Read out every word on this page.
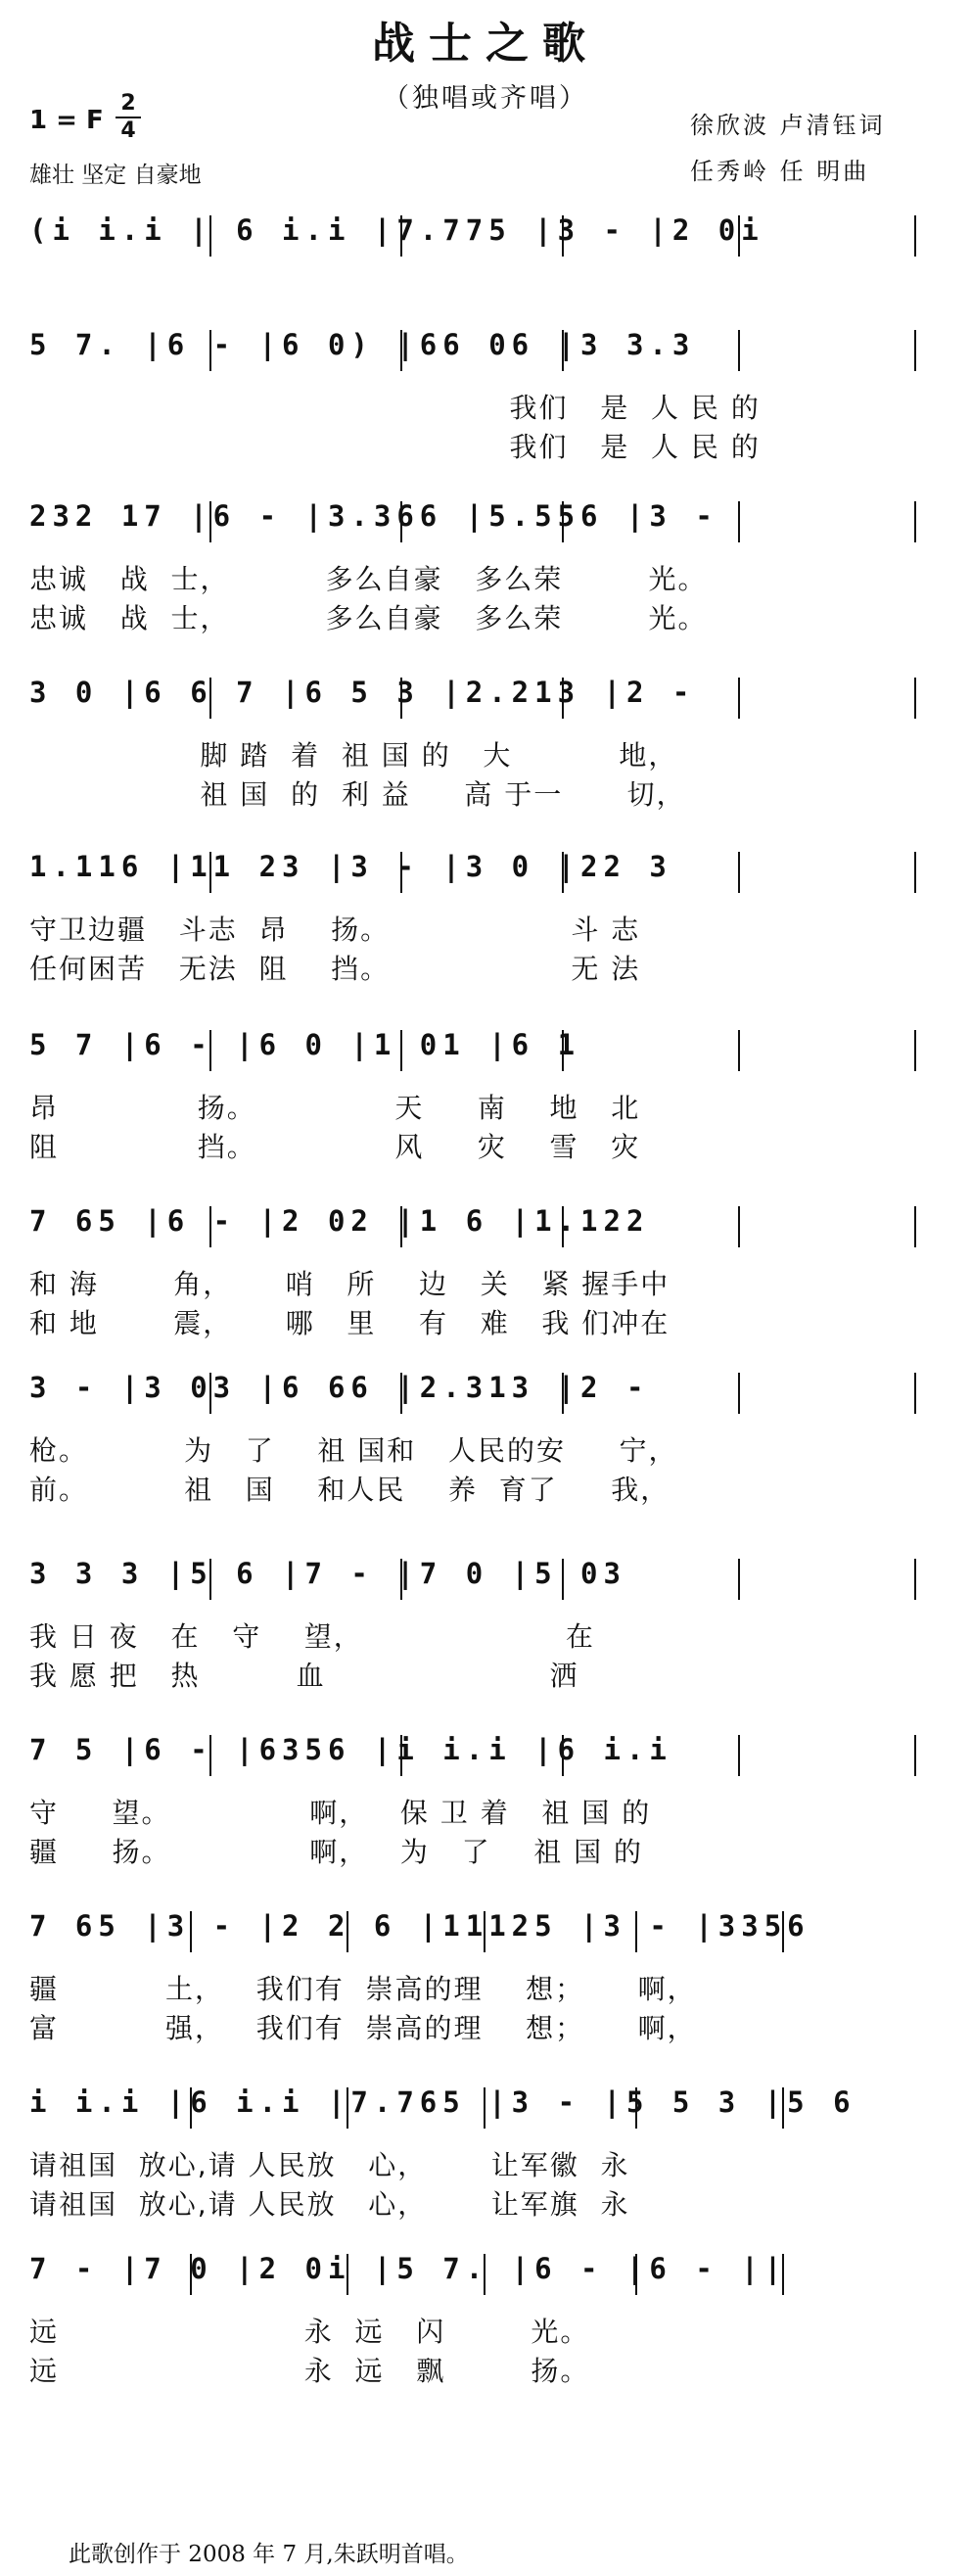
战士之歌
（独唱或齐唱）
1 = F
2
4
雄壮 坚定 自豪地
徐欣波 卢清钰词
任秀岭 任 明曲
(i i.i | 6 i.i |7.775 |3 - |2 0i
5 7. |6 - |6 0) |66 06 |3 3.3
我们   是  人 民 的
我们   是  人 民 的
232 17 |6 - |3.366 |5.556 |3 -
忠诚   战  士，         多么自豪   多么荣        光。
忠诚   战  士，         多么自豪   多么荣        光。
3 0 |6 6 7 |6 5 3 |2.213 |2 -
脚 踏  着  祖 国 的   大          地，
祖 国  的  利 益     高 于一      切，
1.116 |11 23 |3 - |3 0 |22 3
守卫边疆   斗志  昂    扬。                 斗 志
任何困苦   无法  阻    挡。                 无 法
5 7 |6 - |6 0 |1 01 |6 1
昂             扬。             天     南    地   北
阻             挡。             风     灾    雪   灾
7 65 |6 - |2 02 |1 6 |1.122
和 海       角，     哨   所    边   关   紧 握手中
和 地       震，     哪   里    有   难   我 们冲在
3 - |3 03 |6 66 |2.313 |2 -
枪。         为   了    祖 国和   人民的安     宁，
前。         祖   国    和人民    养  育了     我，
3 3 3 |5 6 |7 - |7 0 |5 03
我 日 夜   在   守    望，                   在
我 愿 把   热         血                     洒
7 5 |6 - |6356 |i i.i |6 i.i
守     望。             啊，   保 卫 着   祖 国 的
疆     扬。             啊，   为   了    祖 国 的
7 65 |3 - |2 2 6 |11125 |3 - |3356
疆          土，   我们有  崇高的理    想；     啊，
富          强，   我们有  崇高的理    想；     啊，
i i.i |6 i.i |7.765 |3 - |5 5 3 |5 6
请祖国  放心,请 人民放   心，      让军徽  永
请祖国  放心,请 人民放   心，      让军旗  永
7 - |7 0 |2 0i |5 7. |6 - |6 - ||
远                       永  远   闪        光。
远                       永  远   飘        扬。
此歌创作于 2008 年 7 月,朱跃明首唱。
